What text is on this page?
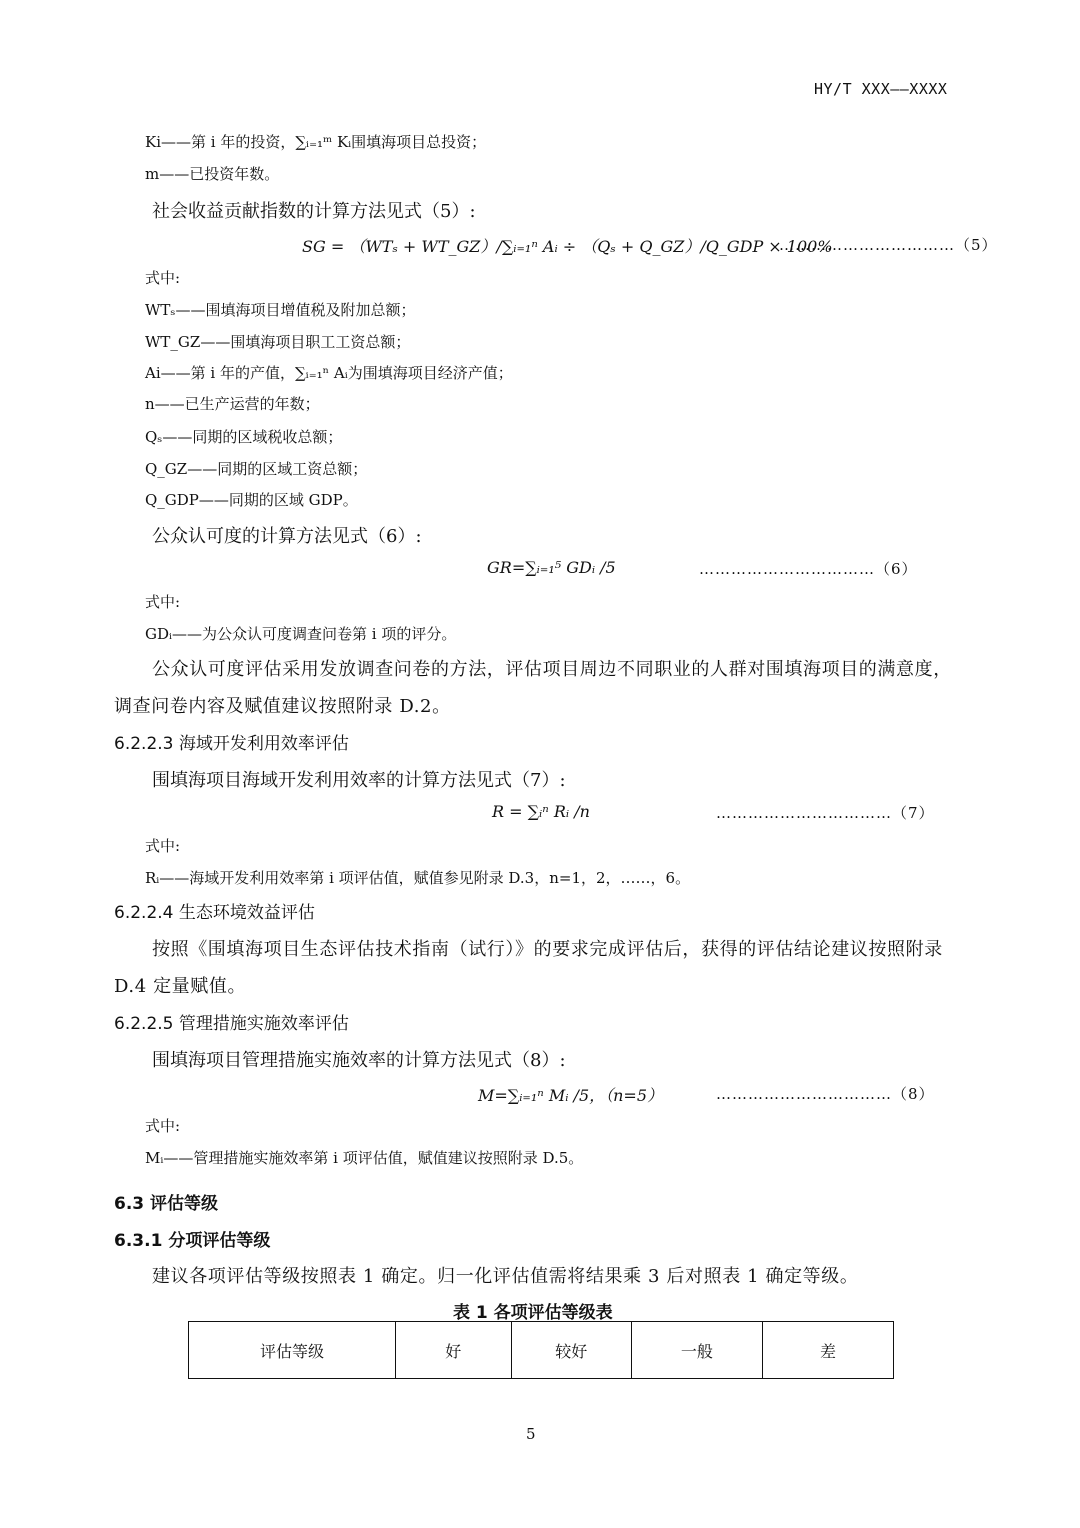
HY/T XXX——XXXX
Ki——第 i 年的投资，∑ᵢ₌₁ᵐ Kᵢ围填海项目总投资；
m——已投资年数。
社会收益贡献指数的计算方法见式（5）:
SG = （WTₛ + WT_GZ）/∑ᵢ₌₁ⁿ Aᵢ ÷ （Qₛ + Q_GZ）/Q_GDP × 100%
……………………………（5）
式中:
WTₛ——围填海项目增值税及附加总额；
WT_GZ——围填海项目职工工资总额；
Ai——第 i 年的产值，∑ᵢ₌₁ⁿ Aᵢ为围填海项目经济产值；
n——已生产运营的年数；
Qₛ——同期的区域税收总额；
Q_GZ——同期的区域工资总额；
Q_GDP——同期的区域 GDP。
公众认可度的计算方法见式（6）:
GR=∑ᵢ₌₁⁵ GDᵢ /5	……………………………（6）
式中:
GDᵢ——为公众认可度调查问卷第 i 项的评分。
公众认可度评估采用发放调查问卷的方法，评估项目周边不同职业的人群对围填海项目的满意度，
调查问卷内容及赋值建议按照附录 D.2。
6.2.2.3 海域开发利用效率评估
围填海项目海域开发利用效率的计算方法见式（7）:
R = ∑ᵢⁿ Rᵢ /n	……………………………（7）
式中:
Rᵢ——海域开发利用效率第 i 项评估值，赋值参见附录 D.3，n=1，2，……，6。
6.2.2.4 生态环境效益评估
按照《围填海项目生态评估技术指南（试行）》的要求完成评估后，获得的评估结论建议按照附录
D.4 定量赋值。
6.2.2.5 管理措施实施效率评估
围填海项目管理措施实施效率的计算方法见式（8）:
M=∑ᵢ₌₁ⁿ Mᵢ /5，（n=5）	……………………………（8）
式中:
Mᵢ——管理措施实施效率第 i 项评估值，赋值建议按照附录 D.5。
6.3 评估等级
6.3.1 分项评估等级
建议各项评估等级按照表 1 确定。归一化评估值需将结果乘 3 后对照表 1 确定等级。
表 1 各项评估等级表
评估等级	好	较好	一般	差
5
